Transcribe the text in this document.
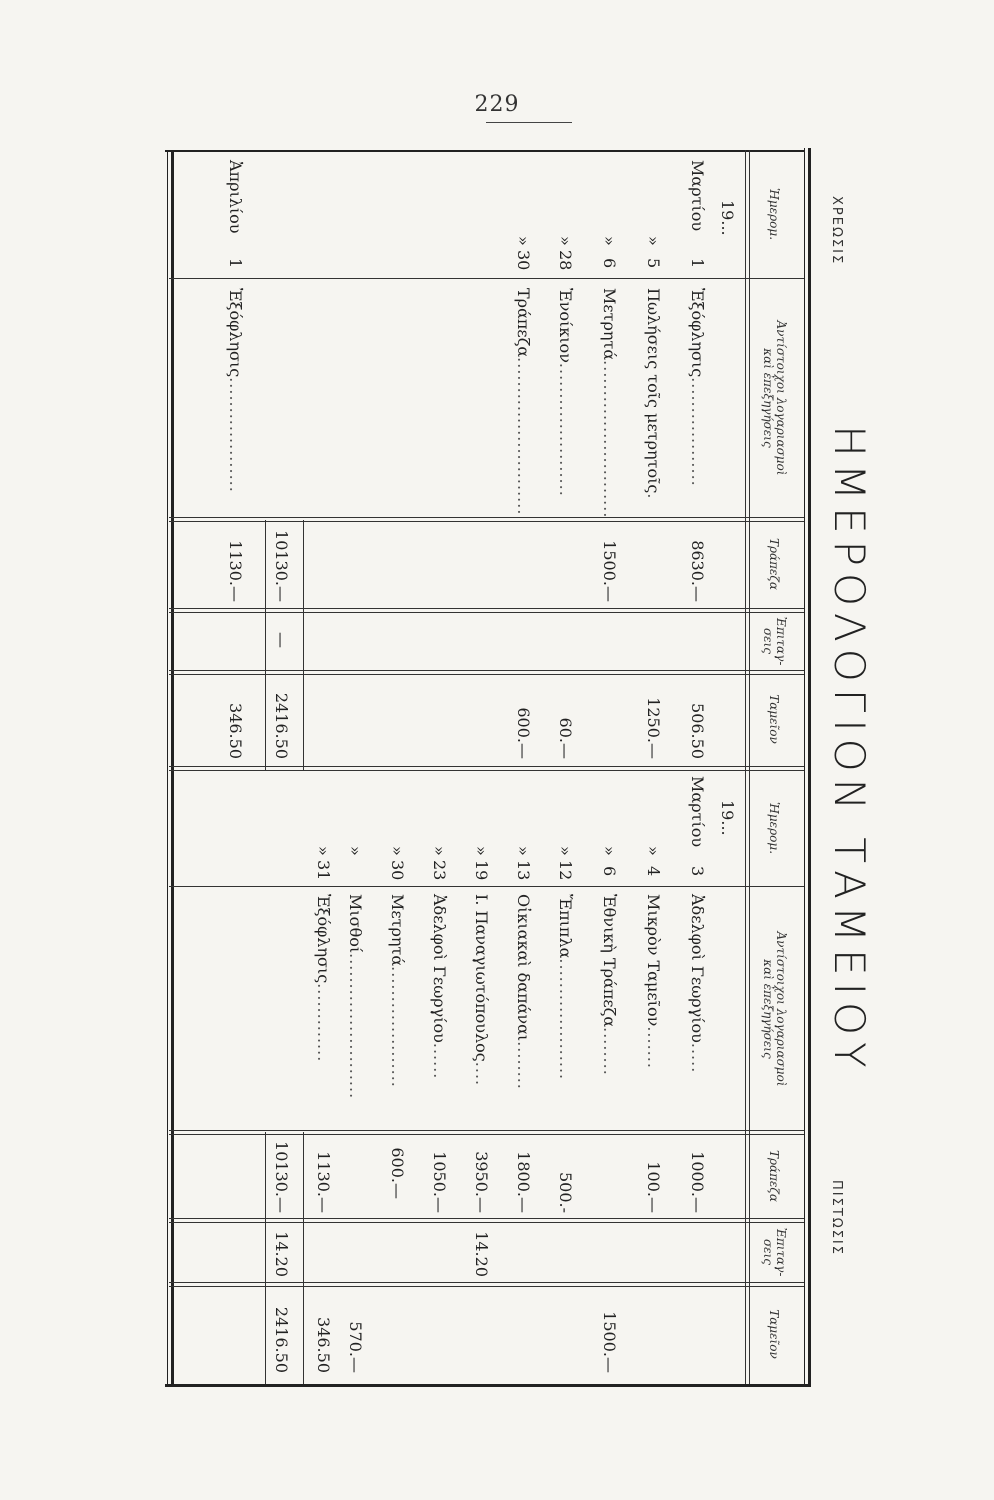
229
ΗΜΕΡΟΛΟΓΙΟΝ ΤΑΜΕΙΟΥ
ΧΡΕΩΣΙΣ
ΠΙΣΤΩΣΙΣ
Ἡμερομ.
Ἀντίστοιχοι λογαριασμοὶ
καὶ ἐπεξηγήσεις
Τράπεζα
Ἐπιταγ-
σεις
Ταμεῖον
Ἡμερομ.
Ἀντίστοιχοι λογαριασμοὶ
καὶ ἐπεξηγήσεις
Τράπεζα
Ἐπιταγ-
σεις
Ταμεῖον
19...
Μαρτίου
1
Ἐξόφλησις..................
8630.—
506.50
»
5
Πωλήσεις τοῖς μετρητοῖς.
1250.—
»
6
Μετρητά..........................
1500.—
»
28
Ἐνοίκιον......................
60.—
»
30
Τράπεζα..........................
600.—
10130.—
—
2416.50
Ἀπριλίου
1
Ἐξόφλησις...................
1130.—
346.50
19...
Μαρτίου
3
Ἀδελφοὶ Γεωργίου.....
1000.—
»
4
Μικρὸν Ταμεῖον.......
100.—
»
6
Ἐθνικὴ Τράπεζα........
1500.—
»
12
Ἔπιπλα....................
500.-
»
13
Οἰκιακαὶ δαπάναι........
1800.—
»
19
Ι. Παναγιωτόπουλος....
3950.—
14.20
»
23
Ἀδελφοὶ Γεωργίου......
1050.—
»
30
Μετρητά....................
600.—
»
Μισθοί........................
570.—
»
31
Ἐξόφλησις.............
1130.—
346.50
10130.—
14.20
2416.50
